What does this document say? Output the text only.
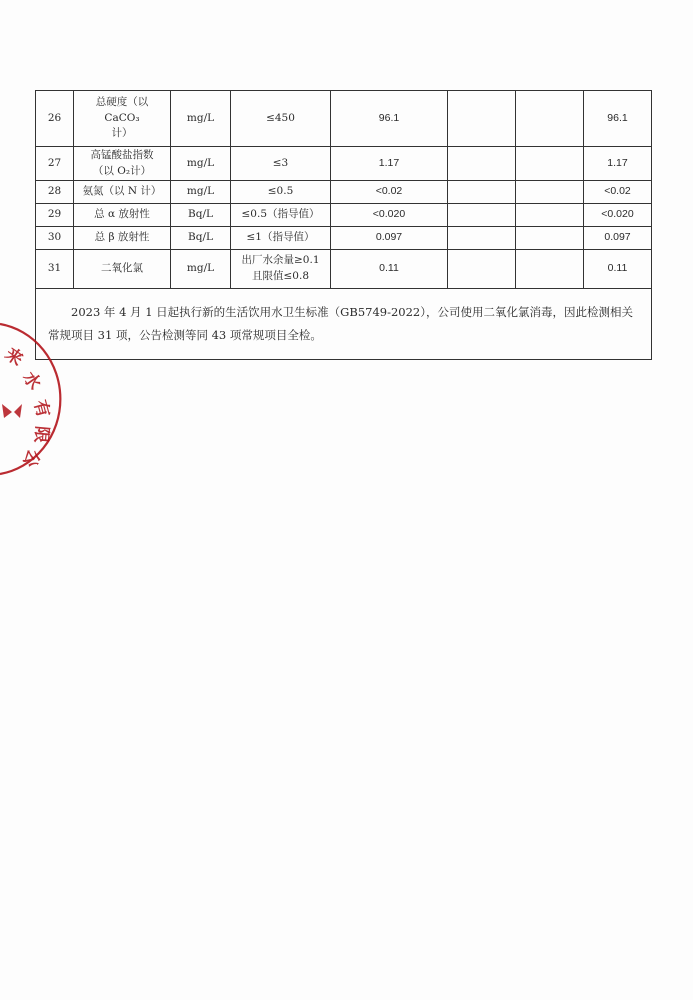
26	总硬度（以 CaCO₃
计）	mg/L	≤450	96.1			96.1
27	高锰酸盐指数
（以 O₂计）	mg/L	≤3	1.17			1.17
28	氨氮（以 N 计）	mg/L	≤0.5	<0.02			<0.02
29	总 α 放射性	Bq/L	≤0.5（指导值）	<0.020			<0.020
30	总 β 放射性	Bq/L	≤1（指导值）	0.097			0.097
31	二氧化氯	mg/L	出厂水余量≥0.1
且限值≤0.8	0.11			0.11

2023 年 4 月 1 日起执行新的生活饮用水卫生标准（GB5749-2022），公司使用二氧化氯消毒，因此检测相关常规项目 31 项，公告检测等同 43 项常规项目全检。							
来
水
有
限
公
